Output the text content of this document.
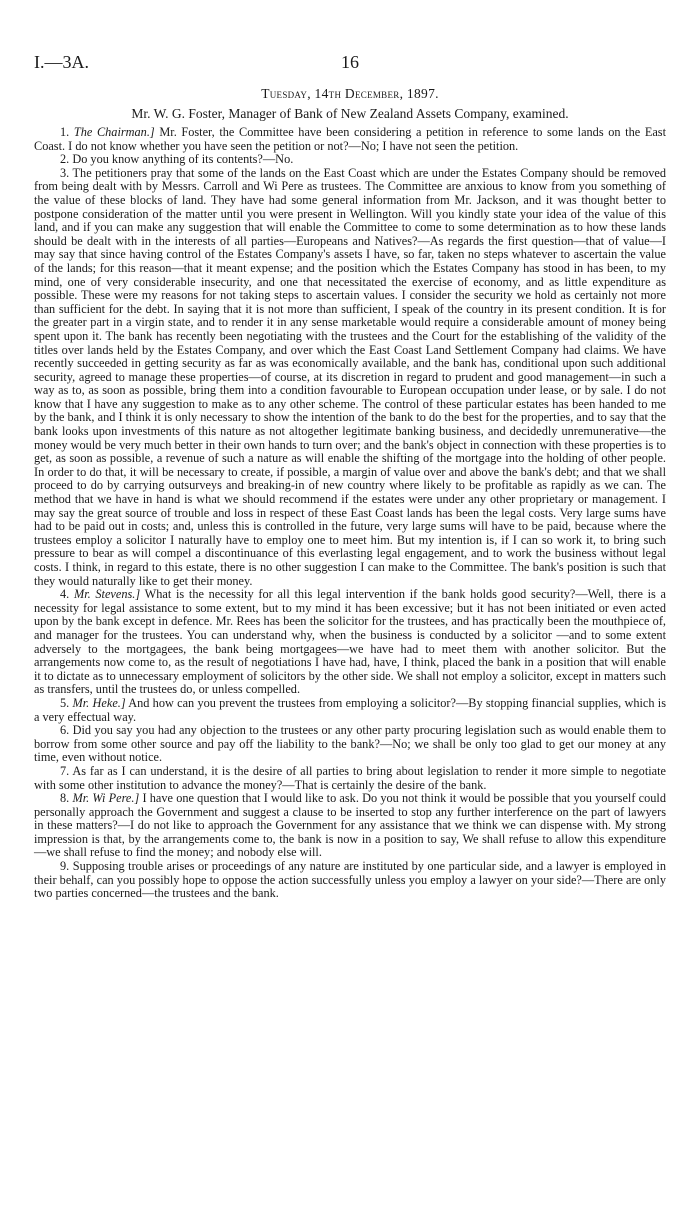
I.—3A.	16
Tuesday, 14th December, 1897.
Mr. W. G. Foster, Manager of Bank of New Zealand Assets Company, examined.

1. The Chairman.] Mr. Foster, the Committee have been considering a petition in reference to some lands on the East Coast. I do not know whether you have seen the petition or not?—No; I have not seen the petition.

2. Do you know anything of its contents?—No.

3. The petitioners pray that some of the lands on the East Coast which are under the Estates Company should be removed from being dealt with by Messrs. Carroll and Wi Pere as trustees. The Committee are anxious to know from you something of the value of these blocks of land. They have had some general information from Mr. Jackson, and it was thought better to postpone consideration of the matter until you were present in Wellington. Will you kindly state your idea of the value of this land, and if you can make any suggestion that will enable the Committee to come to some determination as to how these lands should be dealt with in the interests of all parties—Europeans and Natives?—As regards the first question—that of value—I may say that since having control of the Estates Company's assets I have, so far, taken no steps whatever to ascertain the value of the lands; for this reason—that it meant expense; and the position which the Estates Company has stood in has been, to my mind, one of very considerable insecurity, and one that necessitated the exercise of economy, and as little expenditure as possible. These were my reasons for not taking steps to ascertain values. I consider the security we hold as certainly not more than sufficient for the debt. In saying that it is not more than sufficient, I speak of the country in its present condition. It is for the greater part in a virgin state, and to render it in any sense marketable would require a considerable amount of money being spent upon it. The bank has recently been negotiating with the trustees and the Court for the establishing of the validity of the titles over lands held by the Estates Company, and over which the East Coast Land Settlement Company had claims. We have recently succeeded in getting security as far as was economically available, and the bank has, conditional upon such additional security, agreed to manage these properties—of course, at its discretion in regard to prudent and good management—in such a way as to, as soon as possible, bring them into a condition favourable to European occupation under lease, or by sale. I do not know that I have any suggestion to make as to any other scheme. The control of these particular estates has been handed to me by the bank, and I think it is only necessary to show the intention of the bank to do the best for the properties, and to say that the bank looks upon investments of this nature as not altogether legitimate banking business, and decidedly unremunerative—the money would be very much better in their own hands to turn over; and the bank's object in connection with these properties is to get, as soon as possible, a revenue of such a nature as will enable the shifting of the mortgage into the holding of other people. In order to do that, it will be necessary to create, if possible, a margin of value over and above the bank's debt; and that we shall proceed to do by carrying outsurveys and breaking-in of new country where likely to be profitable as rapidly as we can. The method that we have in hand is what we should recommend if the estates were under any other proprietary or management. I may say the great source of trouble and loss in respect of these East Coast lands has been the legal costs. Very large sums have had to be paid out in costs; and, unless this is controlled in the future, very large sums will have to be paid, because where the trustees employ a solicitor I naturally have to employ one to meet him. But my intention is, if I can so work it, to bring such pressure to bear as will compel a discontinuance of this everlasting legal engagement, and to work the business without legal costs. I think, in regard to this estate, there is no other suggestion I can make to the Committee. The bank's position is such that they would naturally like to get their money.

4. Mr. Stevens.] What is the necessity for all this legal intervention if the bank holds good security?—Well, there is a necessity for legal assistance to some extent, but to my mind it has been excessive; but it has not been initiated or even acted upon by the bank except in defence. Mr. Rees has been the solicitor for the trustees, and has practically been the mouthpiece of, and manager for the trustees. You can understand why, when the business is conducted by a solicitor —and to some extent adversely to the mortgagees, the bank being mortgagees—we have had to meet them with another solicitor. But the arrangements now come to, as the result of negotiations I have had, have, I think, placed the bank in a position that will enable it to dictate as to unnecessary employment of solicitors by the other side. We shall not employ a solicitor, except in matters such as transfers, until the trustees do, or unless compelled.

5. Mr. Heke.] And how can you prevent the trustees from employing a solicitor?—By stopping financial supplies, which is a very effectual way.

6. Did you say you had any objection to the trustees or any other party procuring legislation such as would enable them to borrow from some other source and pay off the liability to the bank?—No; we shall be only too glad to get our money at any time, even without notice.

7. As far as I can understand, it is the desire of all parties to bring about legislation to render it more simple to negotiate with some other institution to advance the money?—That is certainly the desire of the bank.

8. Mr. Wi Pere.] I have one question that I would like to ask. Do you not think it would be possible that you yourself could personally approach the Government and suggest a clause to be inserted to stop any further interference on the part of lawyers in these matters?—I do not like to approach the Government for any assistance that we think we can dispense with. My strong impression is that, by the arrangements come to, the bank is now in a position to say, We shall refuse to allow this expenditure—we shall refuse to find the money; and nobody else will.

9. Supposing trouble arises or proceedings of any nature are instituted by one particular side, and a lawyer is employed in their behalf, can you possibly hope to oppose the action successfully unless you employ a lawyer on your side?—There are only two parties concerned—the trustees and the bank.
